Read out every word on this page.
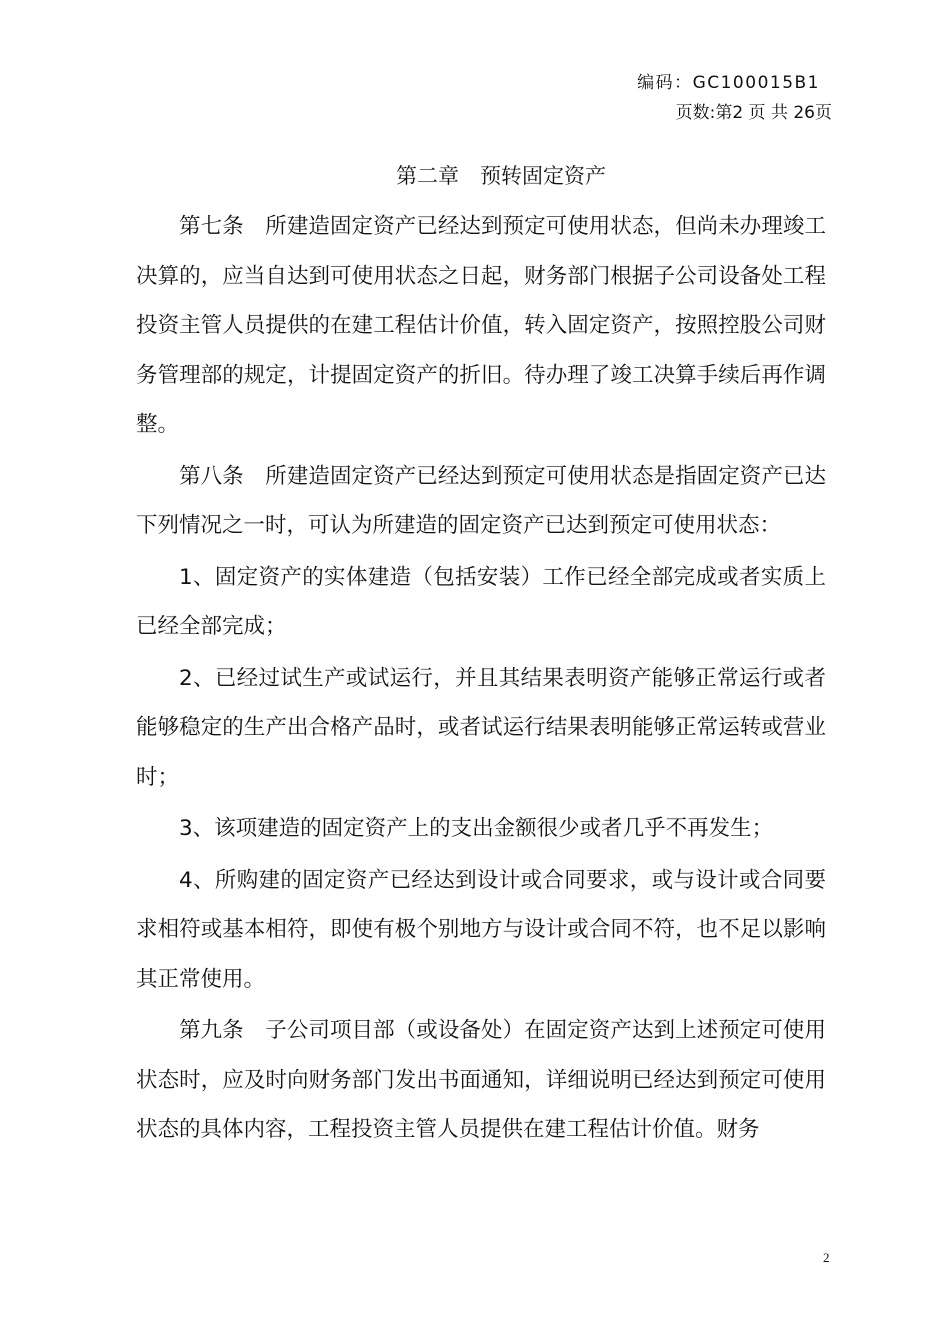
编码：GC100015B1
页数:第2 页 共 26页
第二章　预转固定资产

第七条　所建造固定资产已经达到预定可使用状态，但尚未办理竣工决算的，应当自达到可使用状态之日起，财务部门根据子公司设备处工程投资主管人员提供的在建工程估计价值，转入固定资产，按照控股公司财务管理部的规定，计提固定资产的折旧。待办理了竣工决算手续后再作调整。

第八条　所建造固定资产已经达到预定可使用状态是指固定资产已达下列情况之一时，可认为所建造的固定资产已达到预定可使用状态：

1、固定资产的实体建造（包括安装）工作已经全部完成或者实质上已经全部完成；

2、已经过试生产或试运行，并且其结果表明资产能够正常运行或者能够稳定的生产出合格产品时，或者试运行结果表明能够正常运转或营业时；

3、该项建造的固定资产上的支出金额很少或者几乎不再发生；

4、所购建的固定资产已经达到设计或合同要求，或与设计或合同要求相符或基本相符，即使有极个别地方与设计或合同不符，也不足以影响其正常使用。

第九条　子公司项目部（或设备处）在固定资产达到上述预定可使用状态时，应及时向财务部门发出书面通知，详细说明已经达到预定可使用状态的具体内容，工程投资主管人员提供在建工程估计价值。财务

2
